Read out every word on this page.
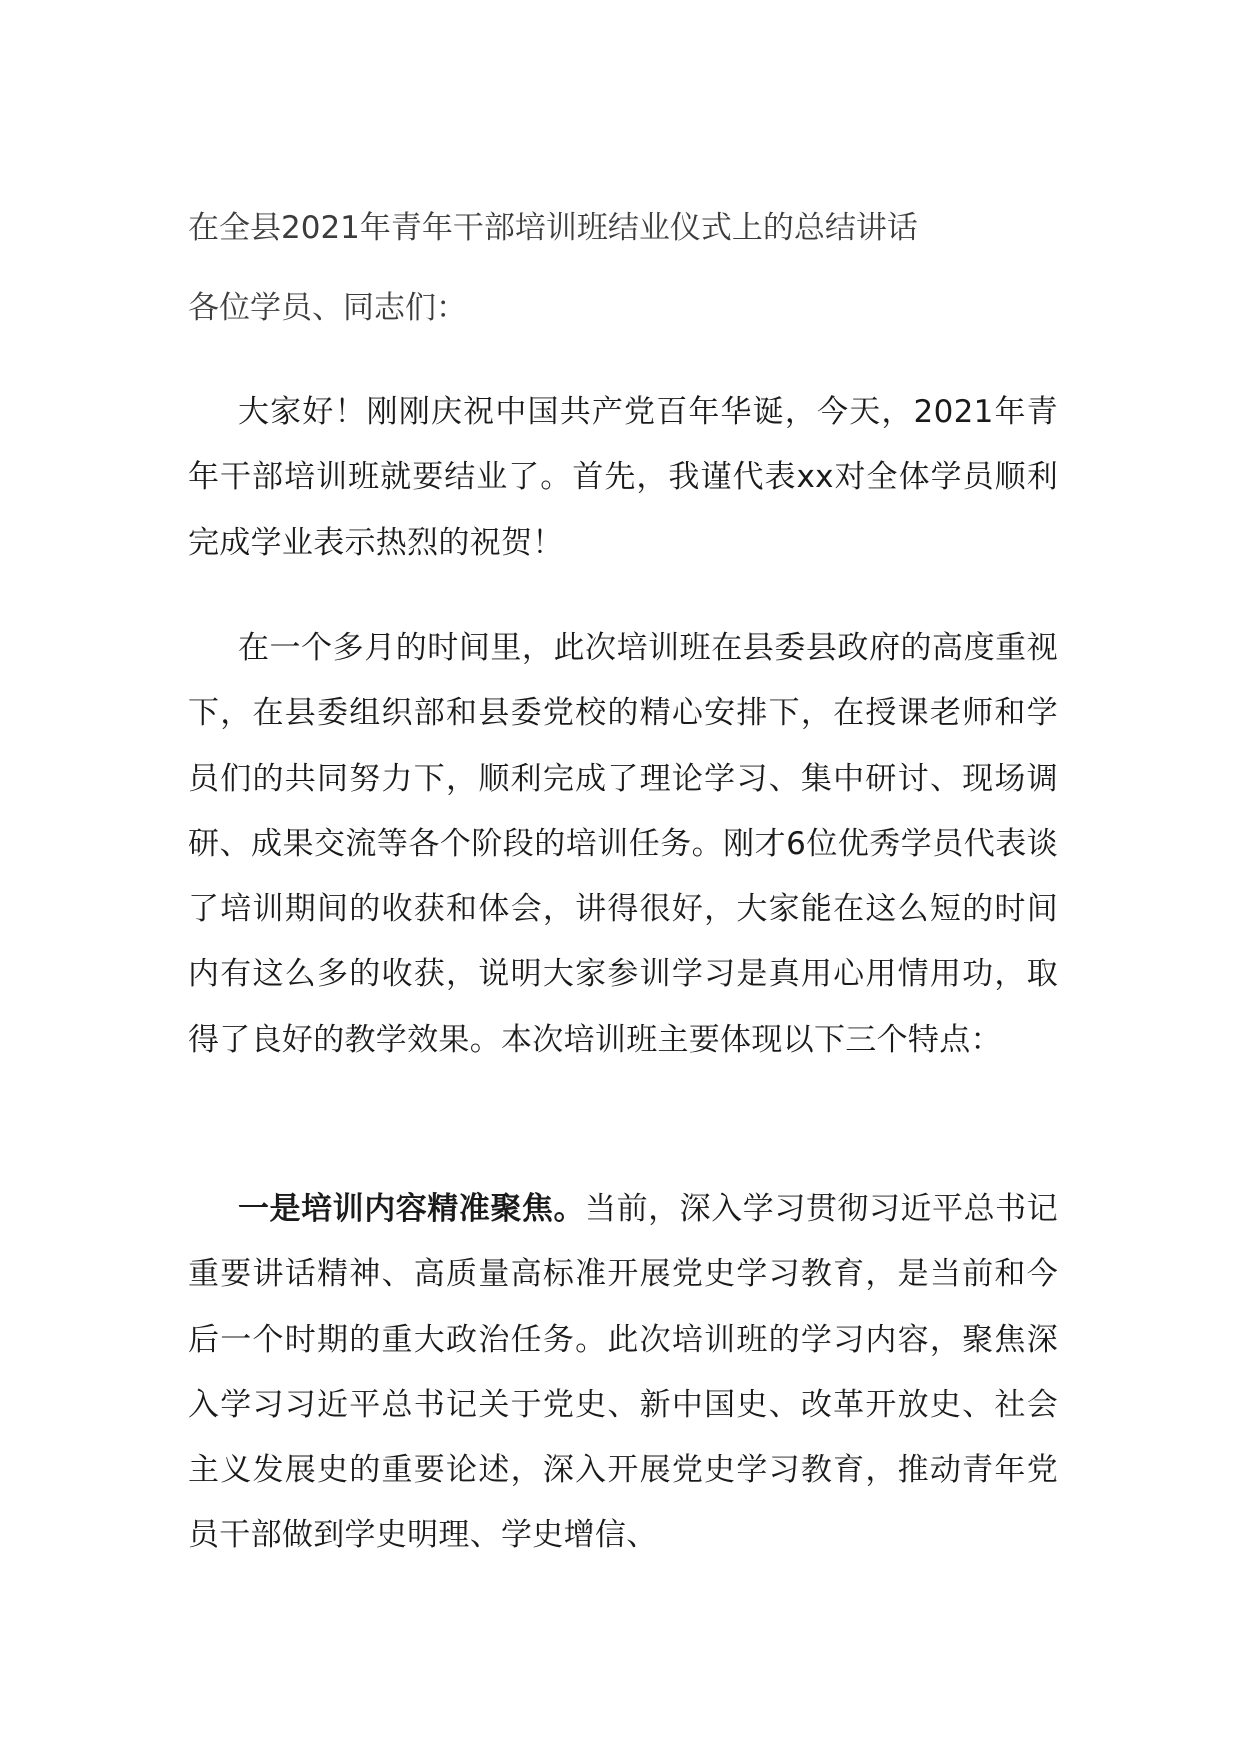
在全县2021年青年干部培训班结业仪式上的总结讲话
各位学员、同志们：

大家好！刚刚庆祝中国共产党百年华诞，今天，2021年青年干部培训班就要结业了。首先，我谨代表xx对全体学员顺利完成学业表示热烈的祝贺！

在一个多月的时间里，此次培训班在县委县政府的高度重视下，在县委组织部和县委党校的精心安排下，在授课老师和学员们的共同努力下，顺利完成了理论学习、集中研讨、现场调研、成果交流等各个阶段的培训任务。刚才6位优秀学员代表谈了培训期间的收获和体会，讲得很好，大家能在这么短的时间内有这么多的收获，说明大家参训学习是真用心用情用功，取得了良好的教学效果。本次培训班主要体现以下三个特点：

一是培训内容精准聚焦。当前，深入学习贯彻习近平总书记重要讲话精神、高质量高标准开展党史学习教育，是当前和今后一个时期的重大政治任务。此次培训班的学习内容，聚焦深入学习习近平总书记关于党史、新中国史、改革开放史、社会主义发展史的重要论述，深入开展党史学习教育，推动青年党员干部做到学史明理、学史增信、
